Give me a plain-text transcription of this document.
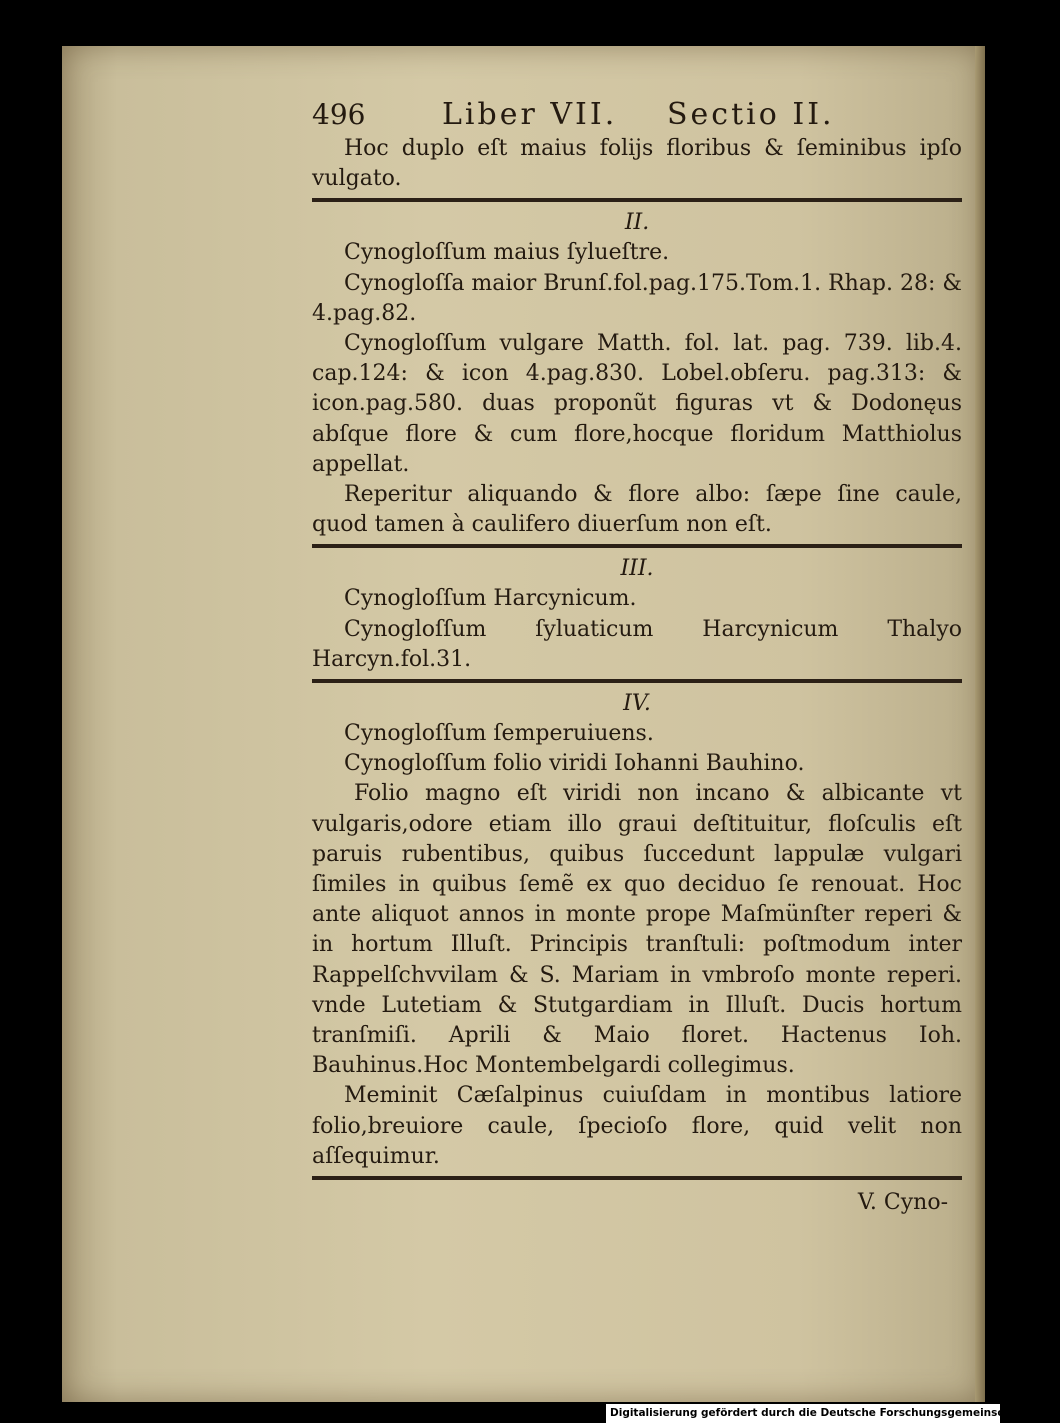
496	Liber VII.	Sectio II.

Hoc duplo eſt maius folijs floribus & ſeminibus ipſo vulgato.

II.

Cynogloſſum maius ſylueſtre.

Cynogloſſa maior Brunſ.fol.pag.175.Tom.1. Rhap. 28: & 4.pag.82.

Cynogloſſum vulgare Matth. fol. lat. pag. 739. lib.4. cap.124: & icon 4.pag.830. Lobel.obſeru. pag.313: & icon.pag.580. duas proponũt figuras vt & Dodonęus abſque flore & cum flore,hocque floridum Matthiolus appellat.

Reperitur aliquando & flore albo: ſæpe ſine caule, quod tamen à caulifero diuerſum non eſt.

III.

Cynogloſſum Harcynicum.

Cynogloſſum ſyluaticum Harcynicum Thalyo Harcyn.fol.31.

IV.

Cynogloſſum ſemperuiuens.

Cynogloſſum folio viridi Iohanni Bauhino.

Folio magno eſt viridi non incano & albicante vt vulgaris,odore etiam illo graui deſtituitur, floſculis eſt paruis rubentibus, quibus ſuccedunt lappulæ vulgari ſimiles in quibus ſemẽ ex quo deciduo ſe renouat. Hoc ante aliquot annos in monte prope Maſmünſter reperi & in hortum Illuſt. Principis tranſtuli: poſtmodum inter Rappelſchvvilam & S. Mariam in vmbroſo monte reperi. vnde Lutetiam & Stutgardiam in Illuſt. Ducis hortum tranſmiſi. Aprili & Maio floret. Hactenus Ioh. Bauhinus.Hoc Montembelgardi collegimus.

Meminit Cæſalpinus cuiuſdam in montibus latiore folio,breuiore caule, ſpecioſo flore, quid velit non aſſequimur.

V. Cyno-

Digitalisierung gefördert durch die Deutsche Forschungsgemeinschaft - DFG
